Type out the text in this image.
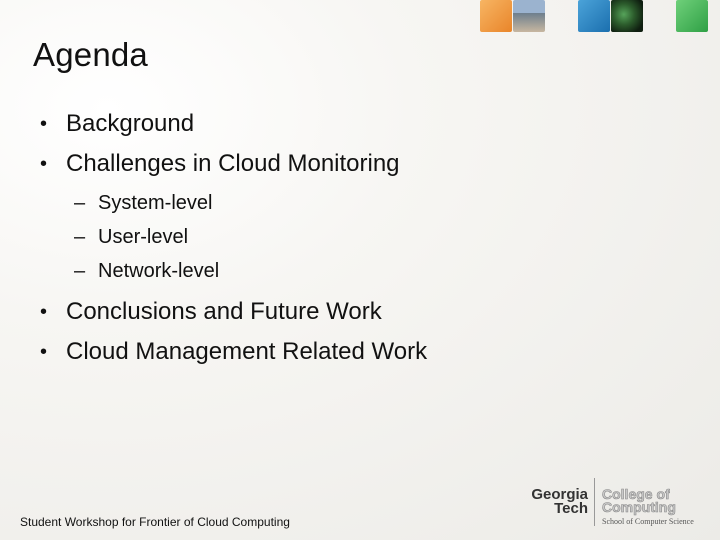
Agenda
• Background
• Challenges in Cloud Monitoring
– System-level
– User-level
– Network-level
• Conclusions and Future Work
• Cloud Management Related Work
Student Workshop for Frontier of Cloud Computing
Georgia
Tech
College of
Computing
School of Computer Science
